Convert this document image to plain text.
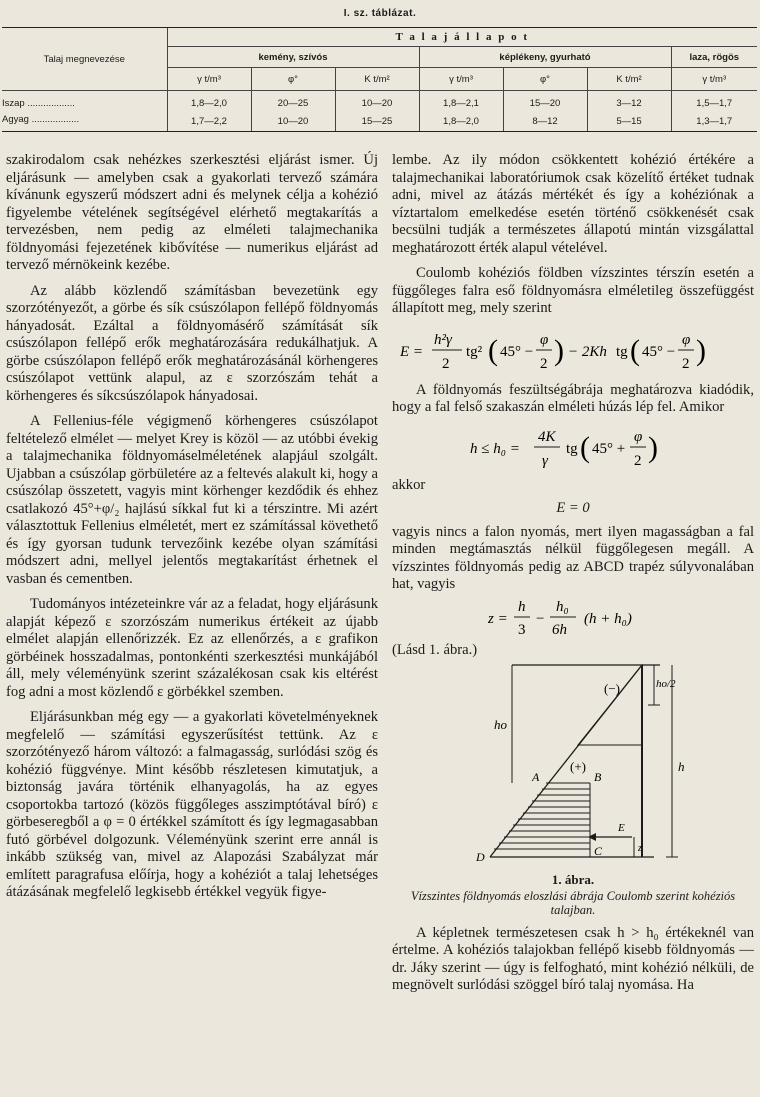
I. sz. táblázat.
Talaj megnevezése	T a l a j á l l a p o t						
	kemény, szívós			képlékeny, gyurható			laza, rögös
	γ t/m³	φ°	K t/m²	γ t/m³	φ°	K t/m²	γ t/m³
Iszap ..................	1,8—2,0	20—25	10—20	1,8—2,1	15—20	3—12	1,5—1,7
Agyag ..................	1,7—2,2	10—20	15—25	1,8—2,0	8—12	5—15	1,3—1,7

szakirodalom csak nehézkes szerkesztési eljárást ismer. Új eljárásunk — amelyben csak a gyakorlati tervező számára kívánunk egyszerű módszert adni és melynek célja a kohézió figyelembe vételének segítségével elérhető megtakarítás a tervezésben, nem pedig az elméleti talajmechanika földnyomási fejezetének kibővítése — numerikus eljárást ad tervező mérnökeink kezébe.

Az alább közlendő számításban bevezetünk egy szorzótényezőt, a görbe és sík csúszólapon fellépő földnyomás hányadosát. Ezáltal a földnyomásérő számítását sík csúszólapon fellépő erők meghatározására redukálhatjuk. A görbe csúszólapon fellépő erők meghatározásánál körhengeres csúszólapot vettünk alapul, az ε szorzószám tehát a körhengeres és síkcsúszólapok hányadosai.

A Fellenius-féle végigmenő körhengeres csúszólapot feltételező elmélet — melyet Krey is közöl — az utóbbi évekig a talajmechanika földnyomáselméletének alapjául szolgált. Ujabban a csúszólap görbületére az a feltevés alakult ki, hogy a csúszólap összetett, vagyis mint körhenger kezdődik és ehhez csatlakozó 45°+φ/₂ hajlású síkkal fut ki a térszintre. Mi azért választottuk Fellenius elméletét, mert ez számítással követhető és így gyorsan tudunk tervezőink kezébe olyan számítási módszert adni, mellyel jelentős megtakarítást érhetnek el vasban és cementben.

Tudományos intézeteinkre vár az a feladat, hogy eljárásunk alapját képező ε szorzószám numerikus értékeit az újabb elmélet alapján ellenőrizzék. Ez az ellenőrzés, a ε grafikon görbéinek hosszadalmas, pontonkénti szerkesztési munkájából áll, mely véleményünk szerint százalékosan csak kis eltérést fog adni a most közlendő ε görbékkel szemben.

Eljárásunkban még egy — a gyakorlati követelményeknek megfelelő — számítási egyszerűsítést tettünk. Az ε szorzótényező három változó: a falmagasság, surlódási szög és kohézió függvénye. Mint később részletesen kimutatjuk, a biztonság javára történik elhanyagolás, ha az egyes csoportokba tartozó (közös függőleges asszimptótával bíró) ε görbeseregből a φ = 0 értékkel számított és így legmagasabban futó görbével dolgozunk. Véleményünk szerint erre annál is inkább szükség van, mivel az Alapozási Szabályzat már említett paragrafusa előírja, hogy a kohéziót a talaj lehetséges átázásának megfelelő legkisebb értékkel vegyük figye-

lembe. Az ily módon csökkentett kohézió értékére a talajmechanikai laboratóriumok csak közelítő értéket tudnak adni, mivel az átázás mértékét és így a kohéziónak a víztartalom emelkedése esetén történő csökkenését csak becsülni tudják a természetes állapotú mintán vizsgálattal meghatározott érték alapul vételével.

Coulomb kohéziós földben vízszintes térszín esetén a függőleges falra eső földnyomásra elméletileg összefüggést állapított meg, mely szerint

E =
h²γ
2
tg² ( 45° −
φ
2 ) − 2Kh tg ( 45° −
φ
2 )

A földnyomás feszültségábrája meghatározva kiadódik, hogy a fal felső szakaszán elméleti húzás lép fel. Amikor

h ≤ h₀ =
4K
γ
tg ( 45° +
φ
2 )

akkor

E = 0

vagyis nincs a falon nyomás, mert ilyen magasságban a fal minden megtámasztás nélkül függőlegesen megáll. A vízszintes földnyomás pedig az ABCD trapéz súlyvonalában hat, vagyis

z =
h
3
−
h₀
6h
(h + h₀)

(Lásd 1. ábra.)

(−)
(+)
ho
h
ho/2
A	B
C
D
E
z
1. ábra.
Vízszintes földnyomás eloszlási ábrája Coulomb szerint kohéziós talajban.

A képletnek természetesen csak h > h₀ értékeknél van értelme. A kohéziós talajokban fellépő kisebb földnyomás — dr. Jáky szerint — úgy is felfogható, mint kohézió nélküli, de megnövelt surlódási szöggel bíró talaj nyomása. Ha
